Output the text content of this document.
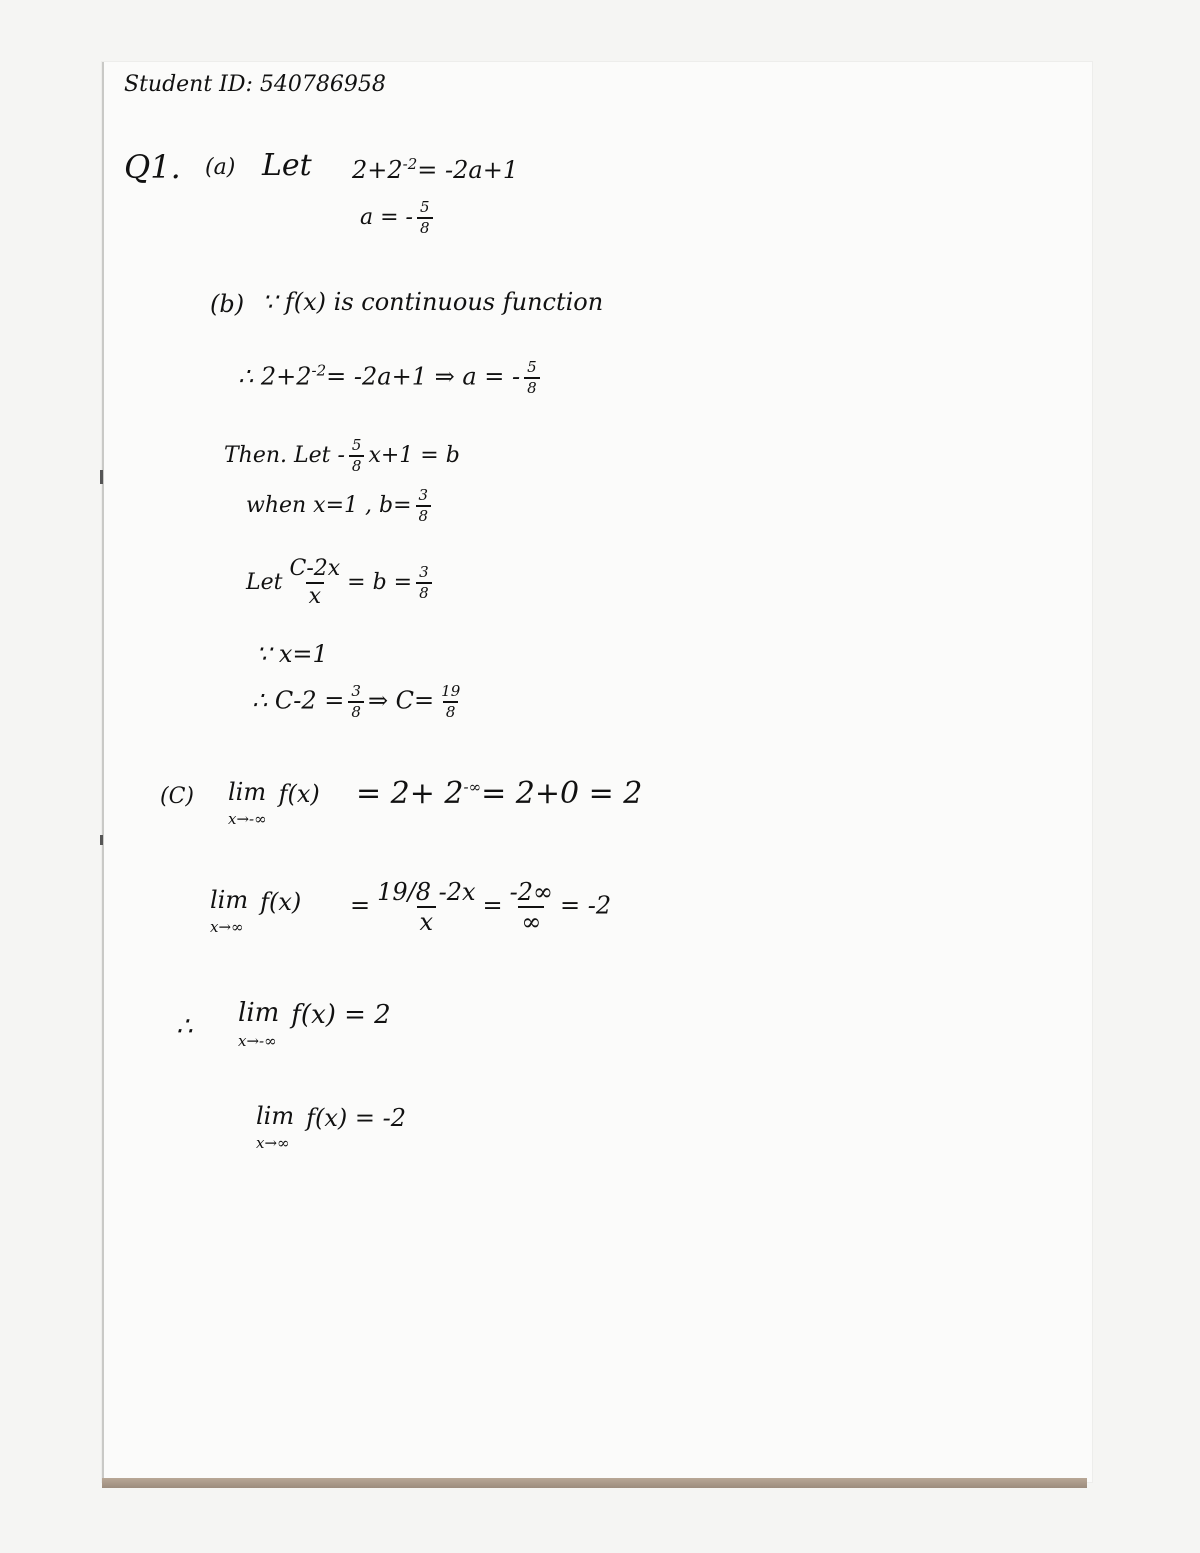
Student ID: 540786958
Q1. (a) Let $2+2^{-2}= -2a+1$
a = - $\frac{5}{8}$
(b) ∵ f(x) is continuous function
∴ $2+2^{-2}= -2a+1$ ⇒ a = - $\frac{5}{8}$
Then. Let - $\frac{5}{8} x+1 = b$
when x=1 , $b= \frac{3}{8}$
Let $\frac{C-2x}{x} = b = \frac{3}{8}$
∵ x=1
∴ $C-2 = \frac{3}{8}$ ⇒ $C= \frac{19}{8}$
(C) lim
x→-∞
f(x) = 2+ 2-∞= 2+0 = 2
lim
x→∞
$f(x) = \frac{19/8 -2x}{x} = \frac{-2\infty}{\infty} = -2$
∴ lim
x→-∞
f(x) = 2
lim
x→∞
f(x) = -2
